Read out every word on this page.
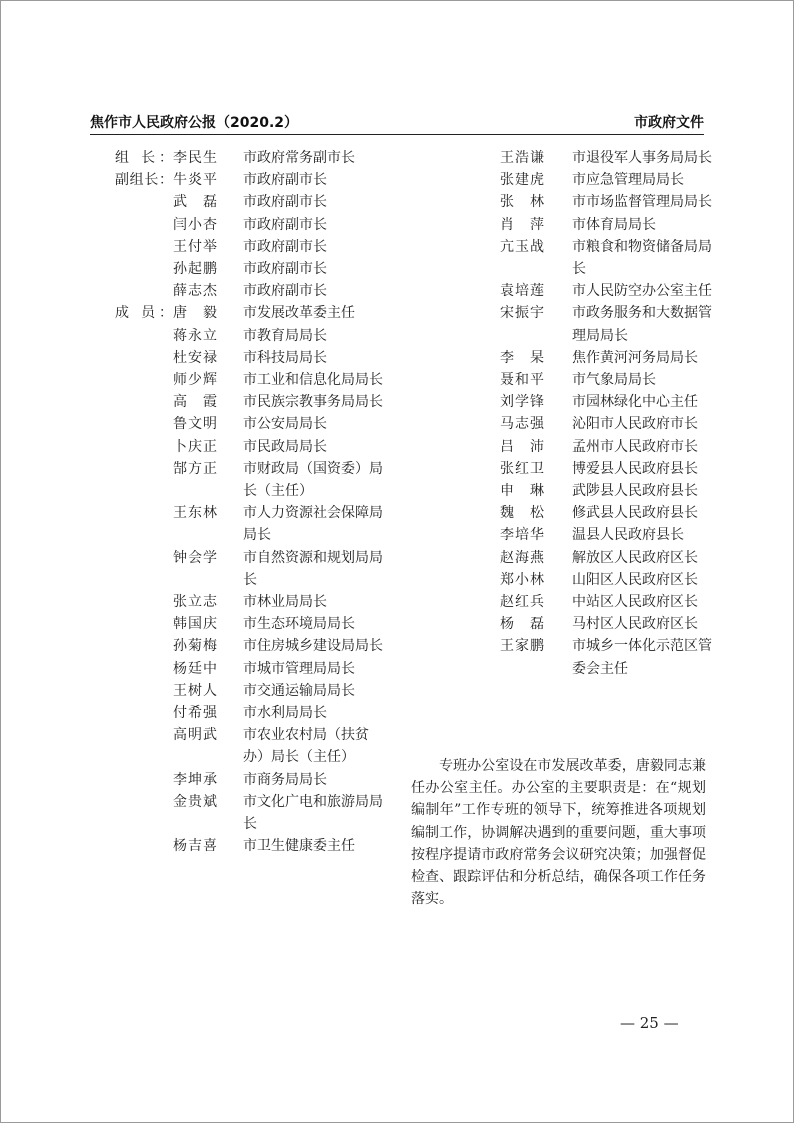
焦作市人民政府公报（2020.2）	市政府文件
组 长： 李民生 市政府常务副市长
副组长： 牛炎平 市政府副市长
武 磊 市政府副市长
闫小杏 市政府副市长
王付举 市政府副市长
孙起鹏 市政府副市长
薛志杰 市政府副市长
成 员： 唐 毅 市发展改革委主任
蒋永立 市教育局局长
杜安禄 市科技局局长
师少辉 市工业和信息化局局长
高 霞 市民族宗教事务局局长
鲁文明 市公安局局长
卜庆正 市民政局局长
郜方正 市财政局（国资委）局长（主任）
王东林 市人力资源社会保障局局长
钟会学 市自然资源和规划局局长
张立志 市林业局局长
韩国庆 市生态环境局局长
孙菊梅 市住房城乡建设局局长
杨廷中 市城市管理局局长
王树人 市交通运输局局长
付希强 市水利局局长
高明武 市农业农村局（扶贫办）局长（主任）
李坤承 市商务局局长
金贵斌 市文化广电和旅游局局长
杨吉喜 市卫生健康委主任
王浩谦 市退役军人事务局局长
张建虎 市应急管理局局长
张 林 市市场监督管理局局长
肖 萍 市体育局局长
亢玉战 市粮食和物资储备局局长
袁培莲 市人民防空办公室主任
宋振宇 市政务服务和大数据管理局局长
李 杲 焦作黄河河务局局长
聂和平 市气象局局长
刘学锋 市园林绿化中心主任
马志强 沁阳市人民政府市长
吕 沛 孟州市人民政府市长
张红卫 博爱县人民政府县长
申 琳 武陟县人民政府县长
魏 松 修武县人民政府县长
李培华 温县人民政府县长
赵海燕 解放区人民政府区长
郑小林 山阳区人民政府区长
赵红兵 中站区人民政府区长
杨 磊 马村区人民政府区长
王家鹏 市城乡一体化示范区管委会主任

专班办公室设在市发展改革委，唐毅同志兼任办公室主任。办公室的主要职责是：在“规划编制年”工作专班的领导下，统筹推进各项规划编制工作，协调解决遇到的重要问题，重大事项按程序提请市政府常务会议研究决策；加强督促检查、跟踪评估和分析总结，确保各项工作任务落实。

— 25 —
